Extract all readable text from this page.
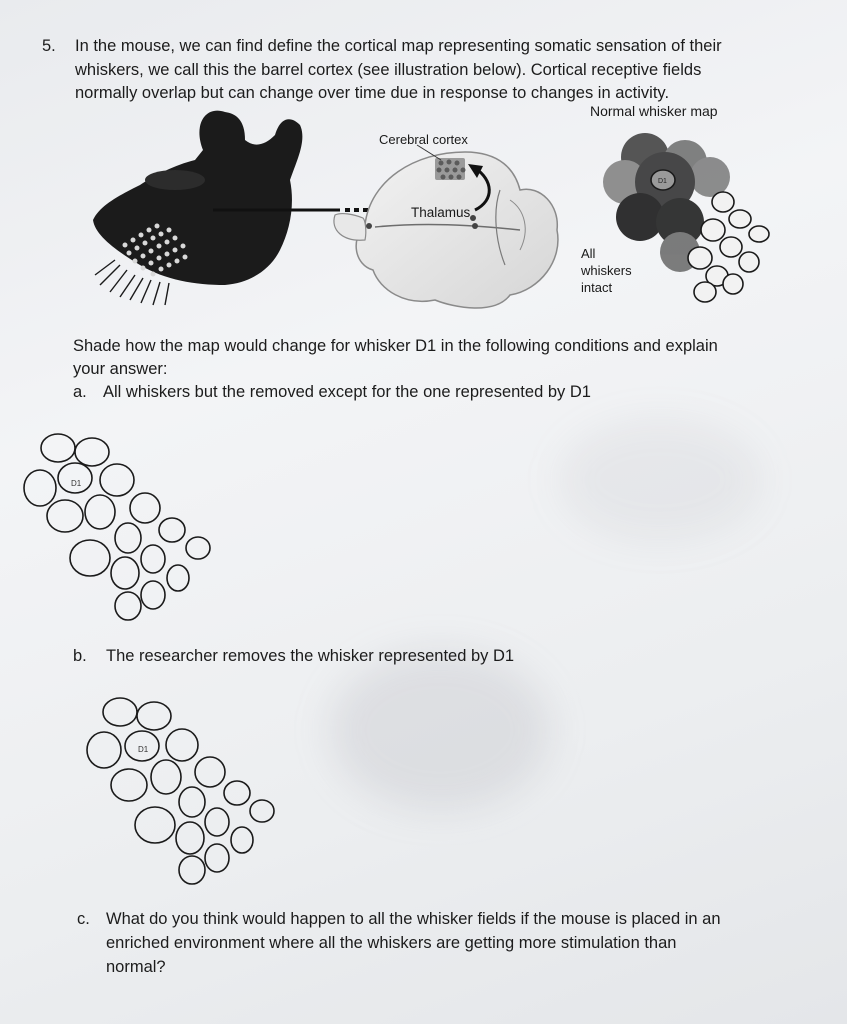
5. In the mouse, we can find define the cortical map representing somatic sensation of their
whiskers, we call this the barrel cortex (see illustration below). Cortical receptive fields
normally overlap but can change over time due in response to changes in activity.
Cerebral cortex
Thalamus
Normal whisker map
D1
All
whiskers
intact
Shade how the map would change for whisker D1 in the following conditions and explain
your answer:
a. All whiskers but the removed except for the one represented by D1
D1
b. The researcher removes the whisker represented by D1
D1
c. What do you think would happen to all the whisker fields if the mouse is placed in an
enriched environment where all the whiskers are getting more stimulation than
normal?
